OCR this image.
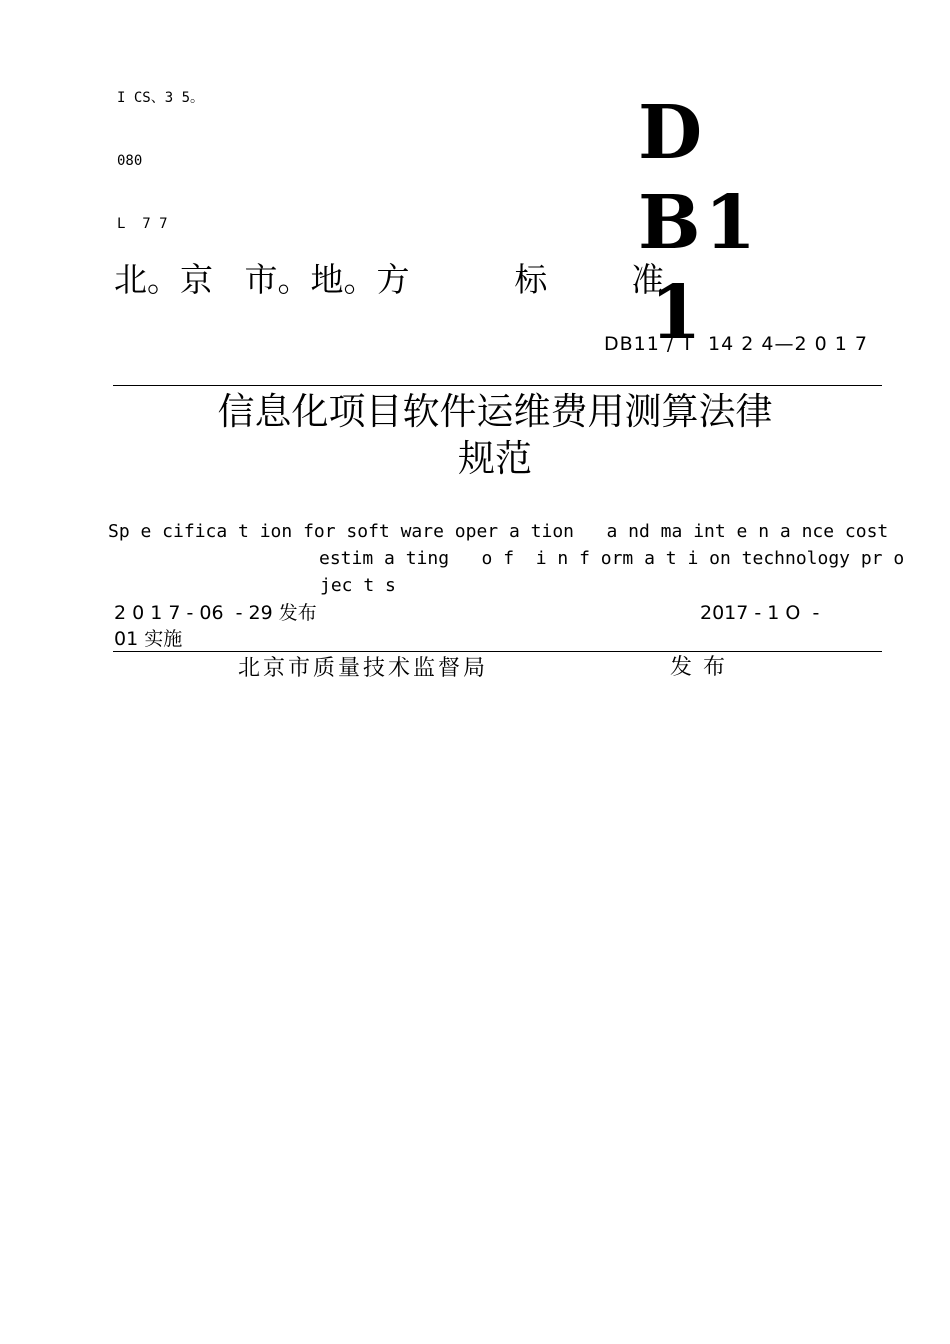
I CS、3 5。

080

L  7 7

D B1
1
北。京   市。地。方          标        准
DB11 / T  14 2 4—2 0 1 7
信息化项目软件运维费用测算法律
规范
Sp e cifica t ion for soft ware oper a tion   a nd ma int e n a nce cost
estim a ting   o f  i n f orm a t i on technology pr o
jec t s
2 0 1 7 - 06  - 29 发布	2017 - 1 O  -
01 实施
北京市质量技术监督局	发 布
